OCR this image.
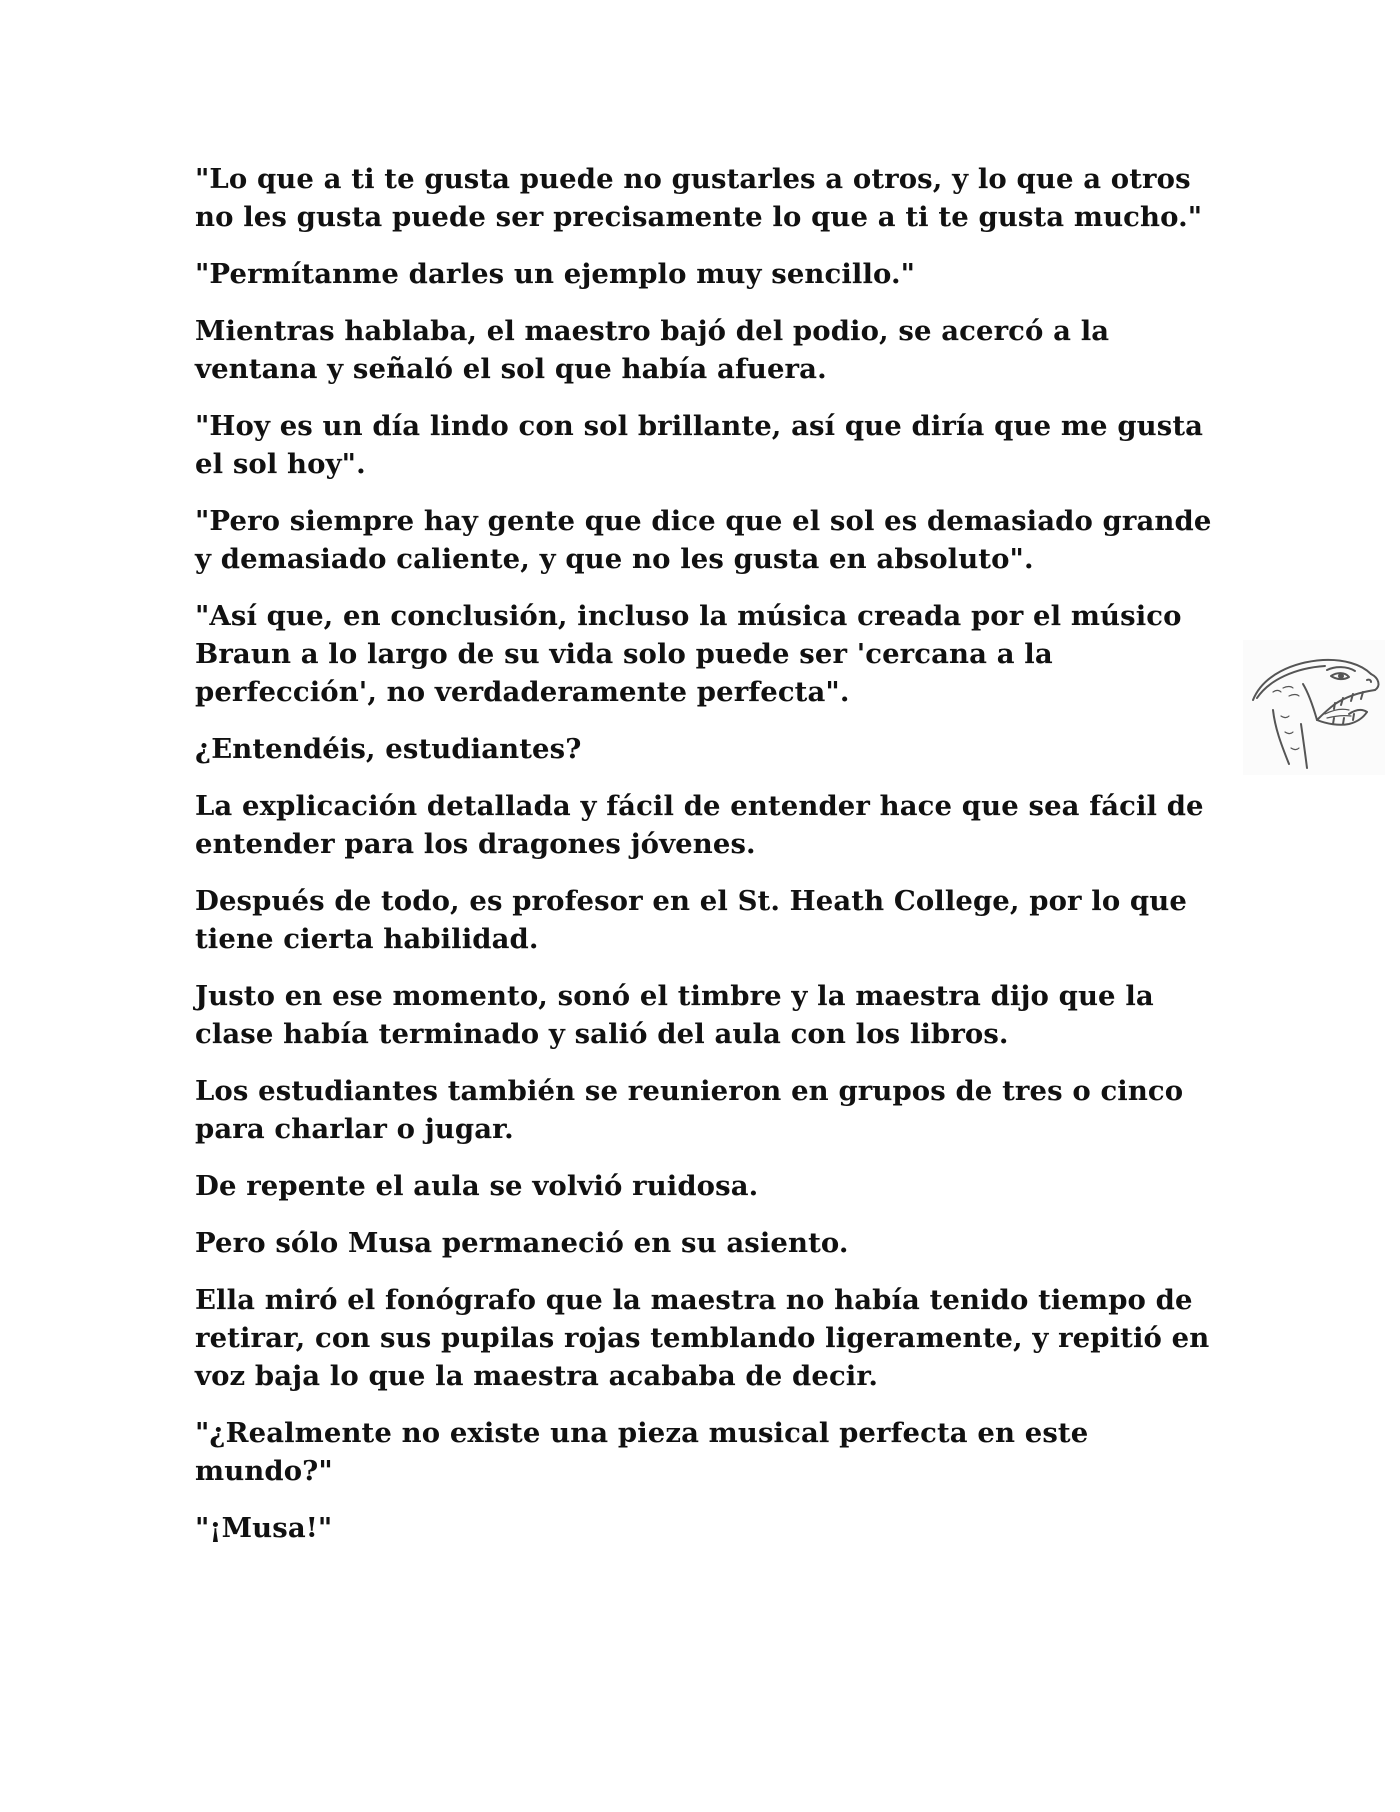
"Lo que a ti te gusta puede no gustarles a otros, y lo que a otros no les gusta puede ser precisamente lo que a ti te gusta mucho."

"Permítanme darles un ejemplo muy sencillo."

Mientras hablaba, el maestro bajó del podio, se acercó a la ventana y señaló el sol que había afuera.

"Hoy es un día lindo con sol brillante, así que diría que me gusta el sol hoy".

"Pero siempre hay gente que dice que el sol es demasiado grande y demasiado caliente, y que no les gusta en absoluto".

"Así que, en conclusión, incluso la música creada por el músico Braun a lo largo de su vida solo puede ser 'cercana a la perfección', no verdaderamente perfecta".

¿Entendéis, estudiantes?

La explicación detallada y fácil de entender hace que sea fácil de entender para los dragones jóvenes.

Después de todo, es profesor en el St. Heath College, por lo que tiene cierta habilidad.

Justo en ese momento, sonó el timbre y la maestra dijo que la clase había terminado y salió del aula con los libros.

Los estudiantes también se reunieron en grupos de tres o cinco para charlar o jugar.

De repente el aula se volvió ruidosa.

Pero sólo Musa permaneció en su asiento.

Ella miró el fonógrafo que la maestra no había tenido tiempo de retirar, con sus pupilas rojas temblando ligeramente, y repitió en voz baja lo que la maestra acababa de decir.

"¿Realmente no existe una pieza musical perfecta en este mundo?"

"¡Musa!"
